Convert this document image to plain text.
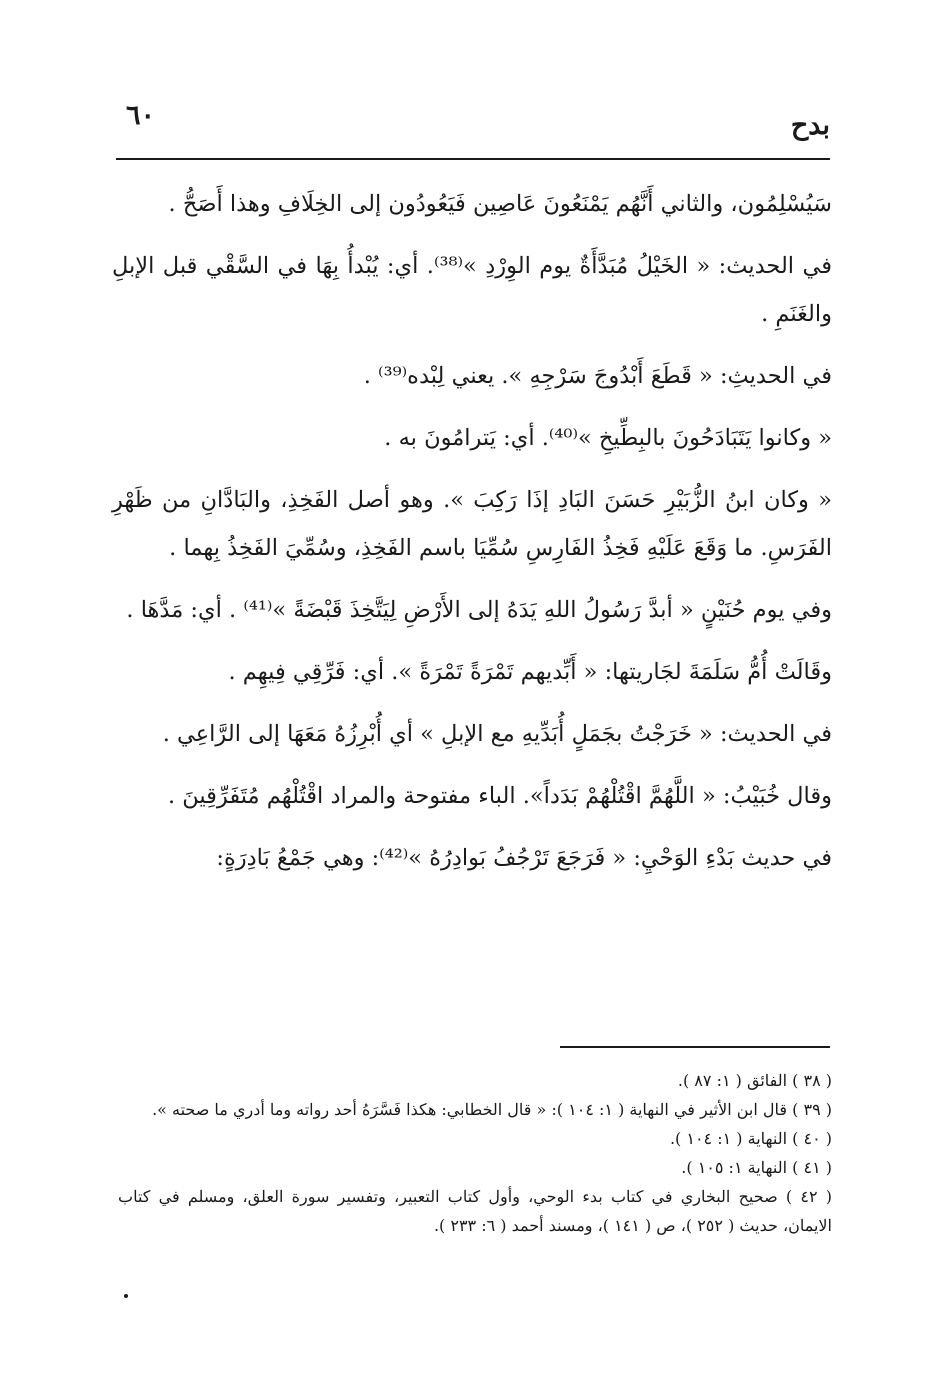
بدح
٦٠

سَيُسْلِمُون، والثاني أَنَّهُم يَمْنَعُونَ عَاصِين فَيَعُودُون إلى الخِلَافِ وهذا أَصَحُّ .

في الحديث: « الخَيْلُ مُبَدَّأَةٌ يوم الوِرْدِ »⁽³⁸⁾. أي: يُبْدأُ بِهَا في السَّقْي قبل الإبلِ والغَنَمِ .

في الحديثِ: « قَطَعَ أَبْدُوجَ سَرْجِهِ ». يعني لِبْده⁽³⁹⁾ .

« وكانوا يَتَبَادَحُونَ بالبِطِّيخِ »⁽⁴⁰⁾. أي: يَترامُونَ به .

« وكان ابنُ الزُّبَيْرِ حَسَنَ البَادِ إذَا رَكِبَ ». وهو أصل الفَخِذِ، والبَادَّانِ من ظَهْرِ الفَرَسِ. ما وَقَعَ عَلَيْهِ فَخِذُ الفَارِسِ سُمِّيَا باسم الفَخِذِ، وسُمِّيَ الفَخِذُ بِهما .

وفي يوم حُنَيْنٍ « أبدَّ رَسُولُ اللهِ يَدَهُ إلى الأَرْضِ لِيَتَّخِذَ قَبْضَةً »⁽⁴¹⁾ . أي: مَدَّهَا .

وقَالَتْ أُمُّ سَلَمَةَ لجَاريتها: « أَبِّديهم تَمْرَةً تَمْرَةً ». أي: فَرِّقِي فِيهِم .

في الحديث: « خَرَجْتُ بجَمَلٍ أُبَدِّيهِ مع الإبلِ » أي أُبْرِزُهُ مَعَهَا إلى الرَّاعِي .

وقال خُبَيْبُ: « اللَّهُمَّ اقْتُلْهُمْ بَدَداً». الباء مفتوحة والمراد اقْتُلْهُم مُتَفَرِّقِينَ .

في حديث بَدْءِ الوَحْيِ: « فَرَجَعَ تَرْجُفُ بَوادِرُهُ »⁽⁴²⁾: وهي جَمْعُ بَادِرَةٍ:

( ٣٨ ) الفائق ( ١: ٨٧ ).

( ٣٩ ) قال ابن الأثير في النهاية ( ١: ١٠٤ ): « قال الخطابي: هكذا فَسَّرَهُ أحد رواته وما أدري ما صحته ».

( ٤٠ ) النهاية ( ١: ١٠٤ ).

( ٤١ ) النهاية ١: ١٠٥ ).

( ٤٢ ) صحيح البخاري في كتاب بدء الوحي، وأول كتاب التعبير، وتفسير سورة العلق، ومسلم في كتاب الايمان، حديث ( ٢٥٢ )، ص ( ١٤١ )، ومسند أحمد ( ٦: ٢٣٣ ).
